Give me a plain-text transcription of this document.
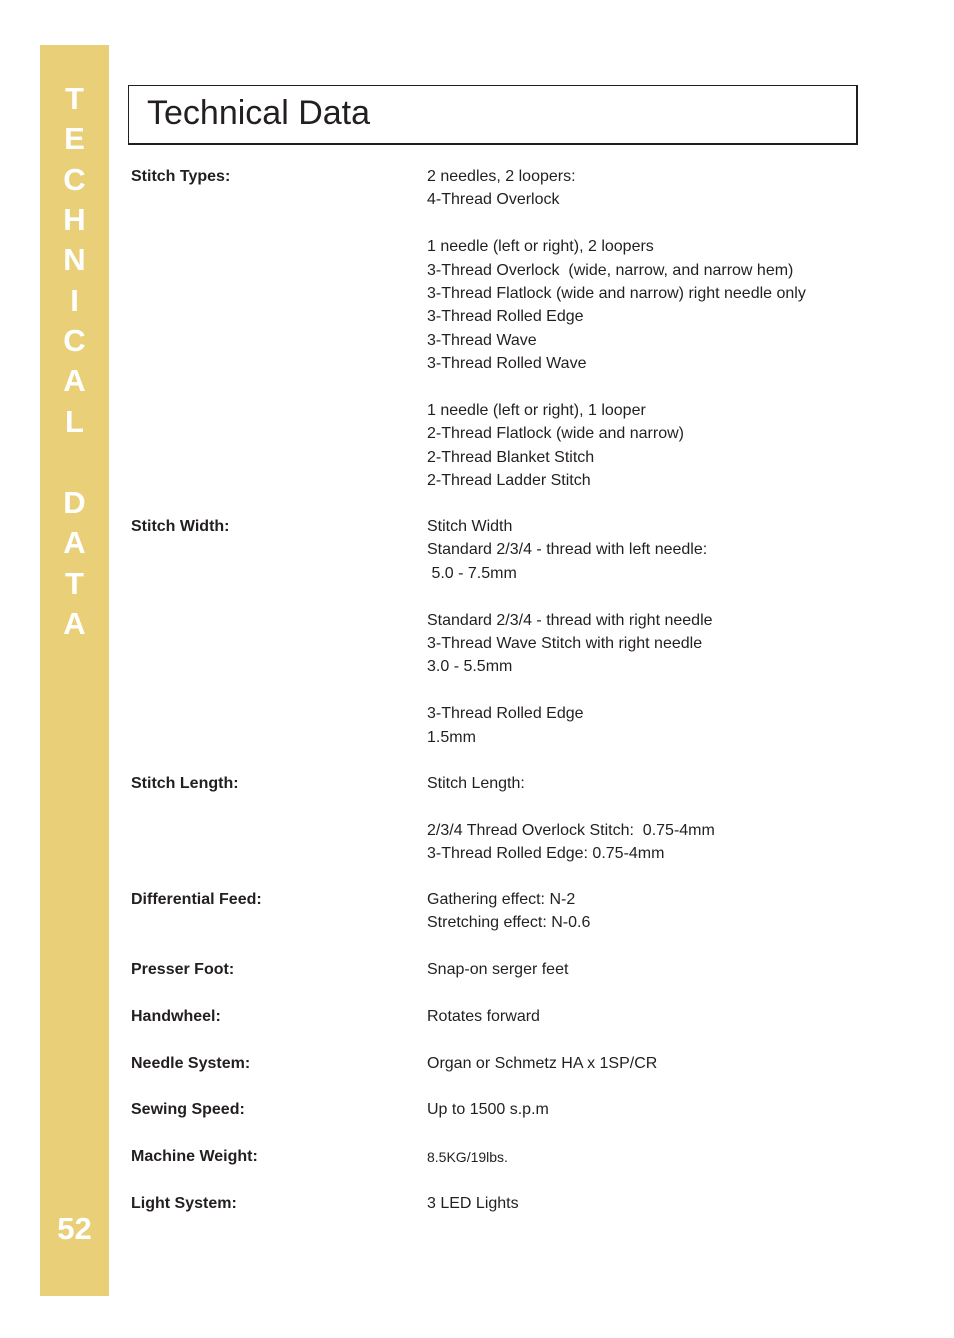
T
E
C
H
N
I
C
A
L
D
A
T
A
52
Technical Data
Stitch Types:	2 needles, 2 loopers:
4-Thread Overlock
1 needle (left or right), 2 loopers
3-Thread Overlock  (wide, narrow, and narrow hem)
3-Thread Flatlock (wide and narrow) right needle only
3-Thread Rolled Edge
3-Thread Wave
3-Thread Rolled Wave
1 needle (left or right), 1 looper
2-Thread Flatlock (wide and narrow)
2-Thread Blanket Stitch
2-Thread Ladder Stitch
Stitch Width:	Stitch Width
Standard 2/3/4 - thread with left needle:
5.0 - 7.5mm
Standard 2/3/4 - thread with right needle
3-Thread Wave Stitch with right needle
3.0 - 5.5mm
3-Thread Rolled Edge
1.5mm
Stitch Length:	Stitch Length:
2/3/4 Thread Overlock Stitch:  0.75-4mm
3-Thread Rolled Edge: 0.75-4mm
Differential Feed:	Gathering effect: N-2
Stretching effect: N-0.6
Presser Foot:	Snap-on serger feet
Handwheel:	Rotates forward
Needle System:	Organ or Schmetz HA x 1SP/CR
Sewing Speed:	Up to 1500 s.p.m
Machine Weight:	8.5KG/19lbs.
Light System:	3 LED Lights
